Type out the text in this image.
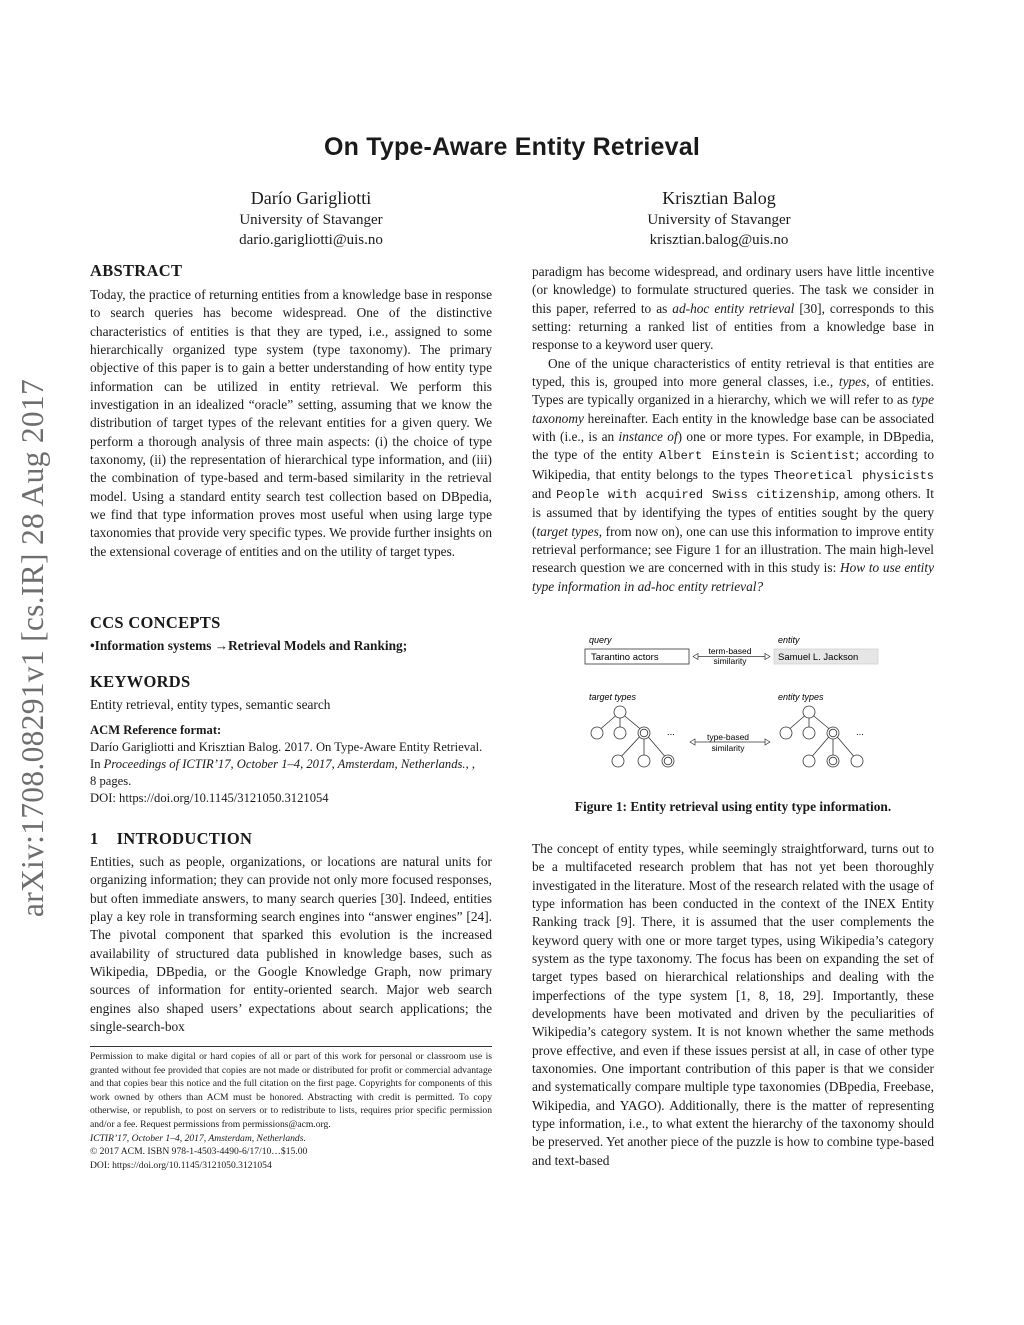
On Type-Aware Entity Retrieval
Darío Garigliotti
University of Stavanger
dario.garigliotti@uis.no
Krisztian Balog
University of Stavanger
krisztian.balog@uis.no
arXiv:1708.08291v1 [cs.IR] 28 Aug 2017
ABSTRACT
Today, the practice of returning entities from a knowledge base in response to search queries has become widespread. One of the distinctive characteristics of entities is that they are typed, i.e., assigned to some hierarchically organized type system (type taxonomy). The primary objective of this paper is to gain a better understanding of how entity type information can be utilized in entity retrieval. We perform this investigation in an idealized “oracle” setting, assuming that we know the distribution of target types of the relevant entities for a given query. We perform a thorough analysis of three main aspects: (i) the choice of type taxonomy, (ii) the representation of hierarchical type information, and (iii) the combination of type-based and term-based similarity in the retrieval model. Using a standard entity search test collection based on DBpedia, we find that type information proves most useful when using large type taxonomies that provide very specific types. We provide further insights on the extensional coverage of entities and on the utility of target types.
CCS CONCEPTS
•Information systems →Retrieval Models and Ranking;
KEYWORDS
Entity retrieval, entity types, semantic search
ACM Reference format:
Darío Garigliotti and Krisztian Balog. 2017. On Type-Aware Entity Retrieval.
In Proceedings of ICTIR’17, October 1–4, 2017, Amsterdam, Netherlands., ,
8 pages.
DOI: https://doi.org/10.1145/3121050.3121054
1 INTRODUCTION
Entities, such as people, organizations, or locations are natural units for organizing information; they can provide not only more focused responses, but often immediate answers, to many search queries [30]. Indeed, entities play a key role in transforming search engines into “answer engines” [24]. The pivotal component that sparked this evolution is the increased availability of structured data published in knowledge bases, such as Wikipedia, DBpedia, or the Google Knowledge Graph, now primary sources of information for entity-oriented search. Major web search engines also shaped users’ expectations about search applications; the single-search-box
Permission to make digital or hard copies of all or part of this work for personal or classroom use is granted without fee provided that copies are not made or distributed for profit or commercial advantage and that copies bear this notice and the full citation on the first page. Copyrights for components of this work owned by others than ACM must be honored. Abstracting with credit is permitted. To copy otherwise, or republish, to post on servers or to redistribute to lists, requires prior specific permission and/or a fee. Request permissions from permissions@acm.org.
ICTIR’17, October 1–4, 2017, Amsterdam, Netherlands.
© 2017 ACM. ISBN 978-1-4503-4490-6/17/10…$15.00
DOI: https://doi.org/10.1145/3121050.3121054

paradigm has become widespread, and ordinary users have little incentive (or knowledge) to formulate structured queries. The task we consider in this paper, referred to as ad-hoc entity retrieval [30], corresponds to this setting: returning a ranked list of entities from a knowledge base in response to a keyword user query.

One of the unique characteristics of entity retrieval is that entities are typed, this is, grouped into more general classes, i.e., types, of entities. Types are typically organized in a hierarchy, which we will refer to as type taxonomy hereinafter. Each entity in the knowledge base can be associated with (i.e., is an instance of) one or more types. For example, in DBpedia, the type of the entity Albert Einstein is Scientist; according to Wikipedia, that entity belongs to the types Theoretical physicists and People with acquired Swiss citizenship, among others. It is assumed that by identifying the types of entities sought by the query (target types, from now on), one can use this information to improve entity retrieval performance; see Figure 1 for an illustration. The main high-level research question we are concerned with in this study is: How to use entity type information in ad-hoc entity retrieval?

query	entity
Tarantino actors	Samuel L. Jackson
term-based
similarity
target types	entity types
...	...
type-based
similarity
Figure 1: Entity retrieval using entity type information.
The concept of entity types, while seemingly straightforward, turns out to be a multifaceted research problem that has not yet been thoroughly investigated in the literature. Most of the research related with the usage of type information has been conducted in the context of the INEX Entity Ranking track [9]. There, it is assumed that the user complements the keyword query with one or more target types, using Wikipedia’s category system as the type taxonomy. The focus has been on expanding the set of target types based on hierarchical relationships and dealing with the imperfections of the type system [1, 8, 18, 29]. Importantly, these developments have been motivated and driven by the peculiarities of Wikipedia’s category system. It is not known whether the same methods prove effective, and even if these issues persist at all, in case of other type taxonomies. One important contribution of this paper is that we consider and systematically compare multiple type taxonomies (DBpedia, Freebase, Wikipedia, and YAGO). Additionally, there is the matter of representing type information, i.e., to what extent the hierarchy of the taxonomy should be preserved. Yet another piece of the puzzle is how to combine type-based and text-based
